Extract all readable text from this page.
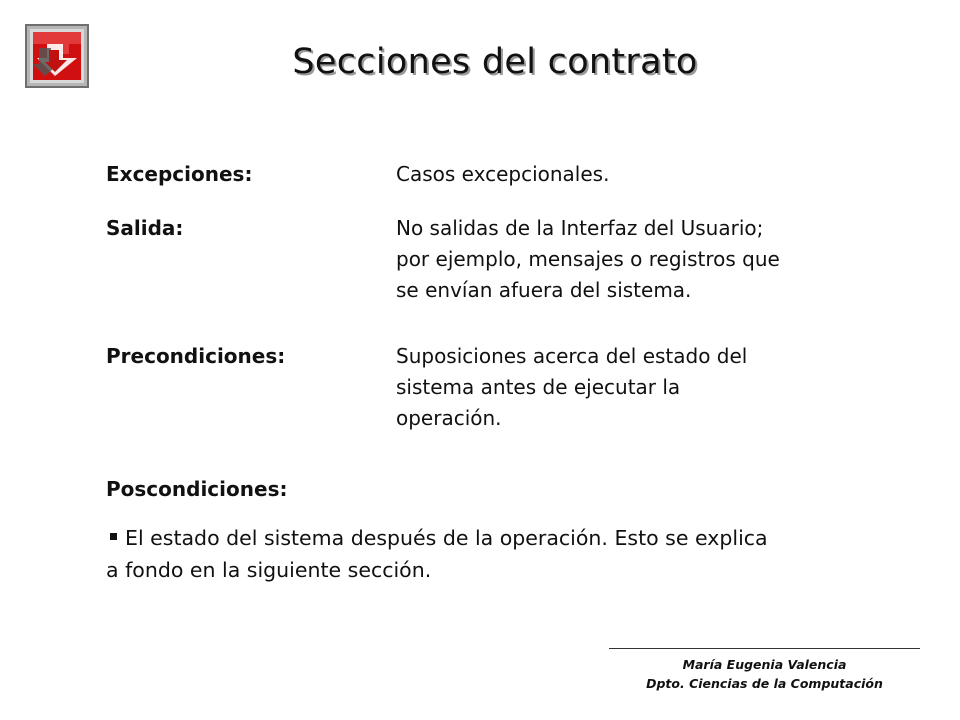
Secciones del contrato
Excepciones:	Casos excepcionales.
Salida:	No salidas de la Interfaz del Usuario;
por ejemplo, mensajes o registros que
se envían afuera del sistema.
Precondiciones:	Suposiciones acerca del estado del
sistema antes de ejecutar la
operación.
Poscondiciones:
El estado del sistema después de la operación. Esto se explica
a fondo en la siguiente sección.
María Eugenia Valencia
Dpto. Ciencias de la Computación
